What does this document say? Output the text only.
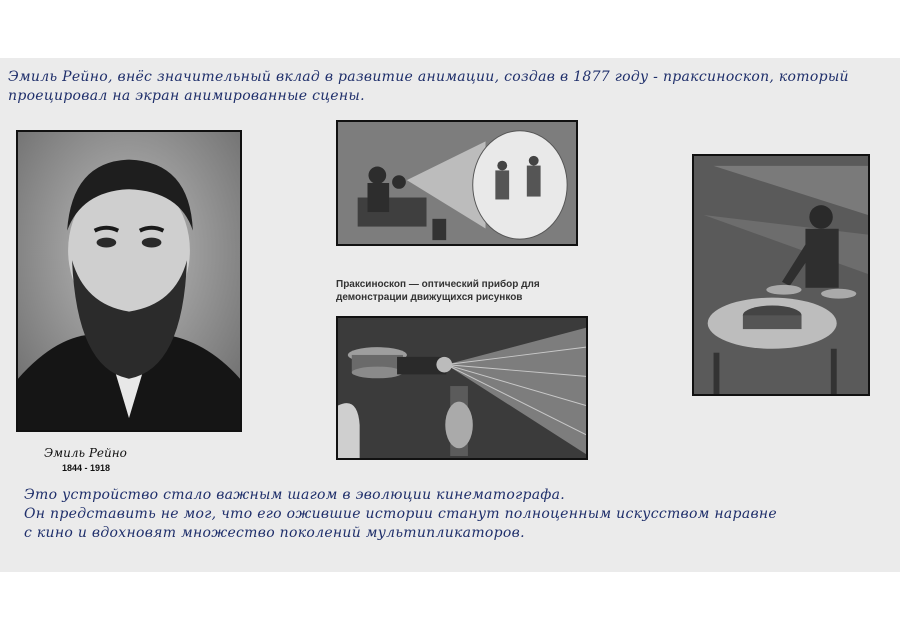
Эмиль Рейно, внёс значительный вклад в развитие анимации, создав в 1877 году - праксиноскоп, который проецировал на экран анимированные сцены.

Эмиль Рейно

1844 - 1918

Праксиноскоп — оптический прибор для демонстрации движущихся рисунков

Это устройство стало важным шагом в эволюции кинематографа.
Он представить не мог, что его ожившие истории станут полноценным искусством наравне
с кино и вдохновят множество поколений мультипликаторов.
